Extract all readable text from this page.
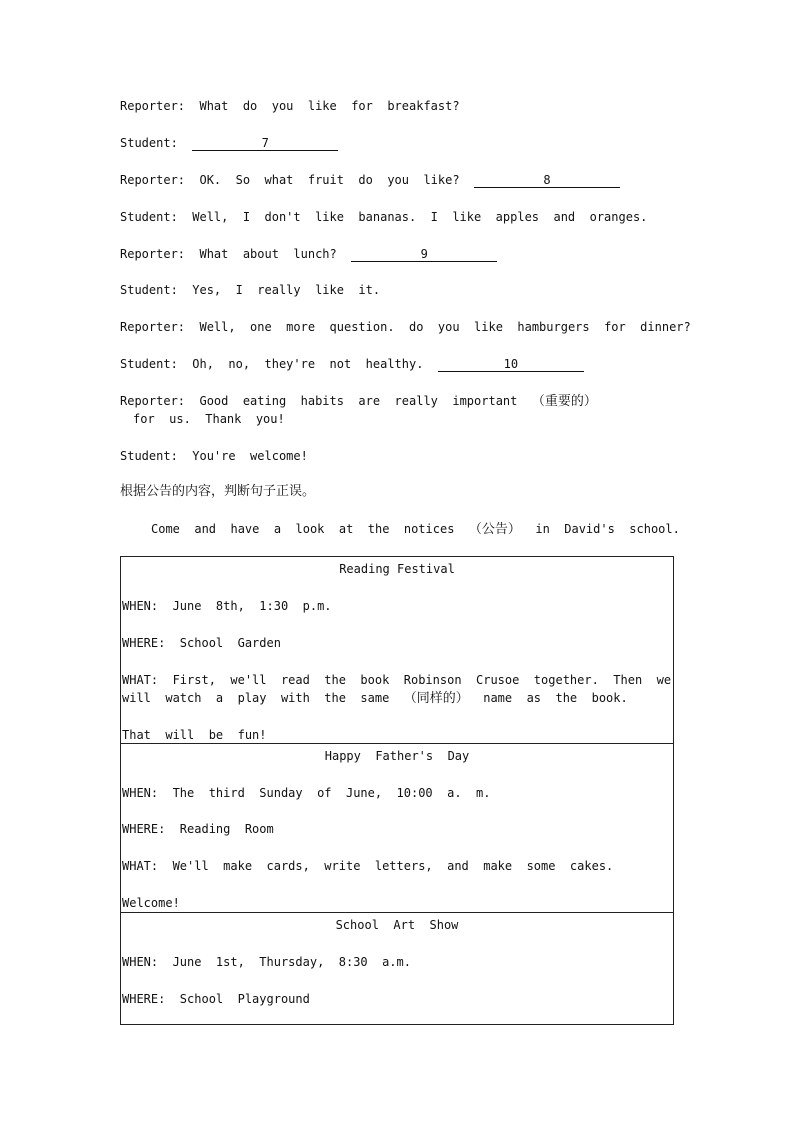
Reporter: What  do  you  like  for  breakfast?
Student:	7
Reporter: OK.  So  what  fruit  do  you  like?	8
Student: Well,  I  don't  like  bananas.  I  like  apples  and  oranges.
Reporter: What  about  lunch?	9
Student: Yes,  I  really  like  it.
Reporter: Well,  one  more  question.  do  you  like  hamburgers  for  dinner?
Student: Oh,  no,  they're  not  healthy.	10
Reporter: Good  eating  habits  are  really  important （重要的）
for  us.  Thank  you!
Student: You're  welcome!
根据公告的内容，判断句子正误。
Come  and  have  a  look  at  the  notices （公告） in  David's  school.
Reading Festival
WHEN:  June  8th,  1:30  p.m.
WHERE:  School  Garden
WHAT:  First,  we'll  read  the  book  Robinson  Crusoe  together.  Then  we
will  watch  a  play  with  the  same （同样的） name  as  the  book.
That  will  be  fun!
Happy  Father's  Day
WHEN:  The  third  Sunday  of  June,  10:00  a.  m.
WHERE:  Reading  Room
WHAT:  We'll  make  cards,  write  letters,  and  make  some  cakes.
Welcome!
School  Art  Show
WHEN:  June  1st,  Thursday,  8:30  a.m.
WHERE:  School  Playground
